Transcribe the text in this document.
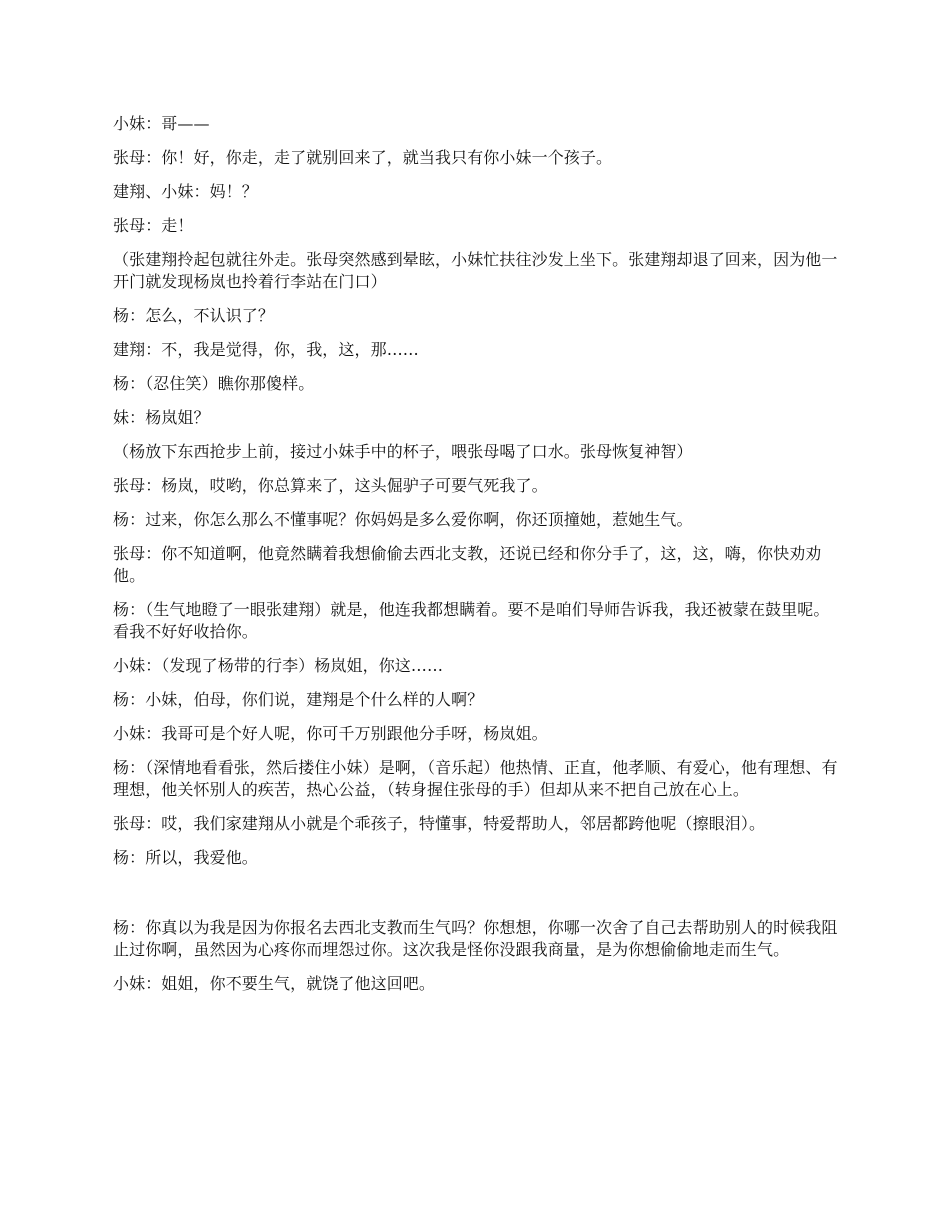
小妹：哥——

张母：你！好，你走，走了就别回来了，就当我只有你小妹一个孩子。

建翔、小妹：妈！？

张母：走！

（张建翔拎起包就往外走。张母突然感到晕眩，小妹忙扶往沙发上坐下。张建翔却退了回来，因为他一开门就发现杨岚也拎着行李站在门口）

杨：怎么，不认识了？

建翔：不，我是觉得，你，我，这，那……

杨：（忍住笑）瞧你那傻样。

妹：杨岚姐？

（杨放下东西抢步上前，接过小妹手中的杯子，喂张母喝了口水。张母恢复神智）

张母：杨岚，哎哟，你总算来了，这头倔驴子可要气死我了。

杨：过来，你怎么那么不懂事呢？你妈妈是多么爱你啊，你还顶撞她，惹她生气。

张母：你不知道啊，他竟然瞒着我想偷偷去西北支教，还说已经和你分手了，这，这，嗨，你快劝劝他。

杨：（生气地瞪了一眼张建翔）就是，他连我都想瞒着。要不是咱们导师告诉我，我还被蒙在鼓里呢。看我不好好收拾你。

小妹：（发现了杨带的行李）杨岚姐，你这……

杨：小妹，伯母，你们说，建翔是个什么样的人啊？

小妹：我哥可是个好人呢，你可千万别跟他分手呀，杨岚姐。

杨：（深情地看看张，然后搂住小妹）是啊，（音乐起）他热情、正直，他孝顺、有爱心，他有理想、有理想，他关怀别人的疾苦，热心公益，（转身握住张母的手）但却从来不把自己放在心上。

张母：哎，我们家建翔从小就是个乖孩子，特懂事，特爱帮助人，邻居都跨他呢（擦眼泪）。

杨：所以，我爱他。

杨：你真以为我是因为你报名去西北支教而生气吗？你想想，你哪一次舍了自己去帮助别人的时候我阻止过你啊，虽然因为心疼你而埋怨过你。这次我是怪你没跟我商量，是为你想偷偷地走而生气。

小妹：姐姐，你不要生气，就饶了他这回吧。
